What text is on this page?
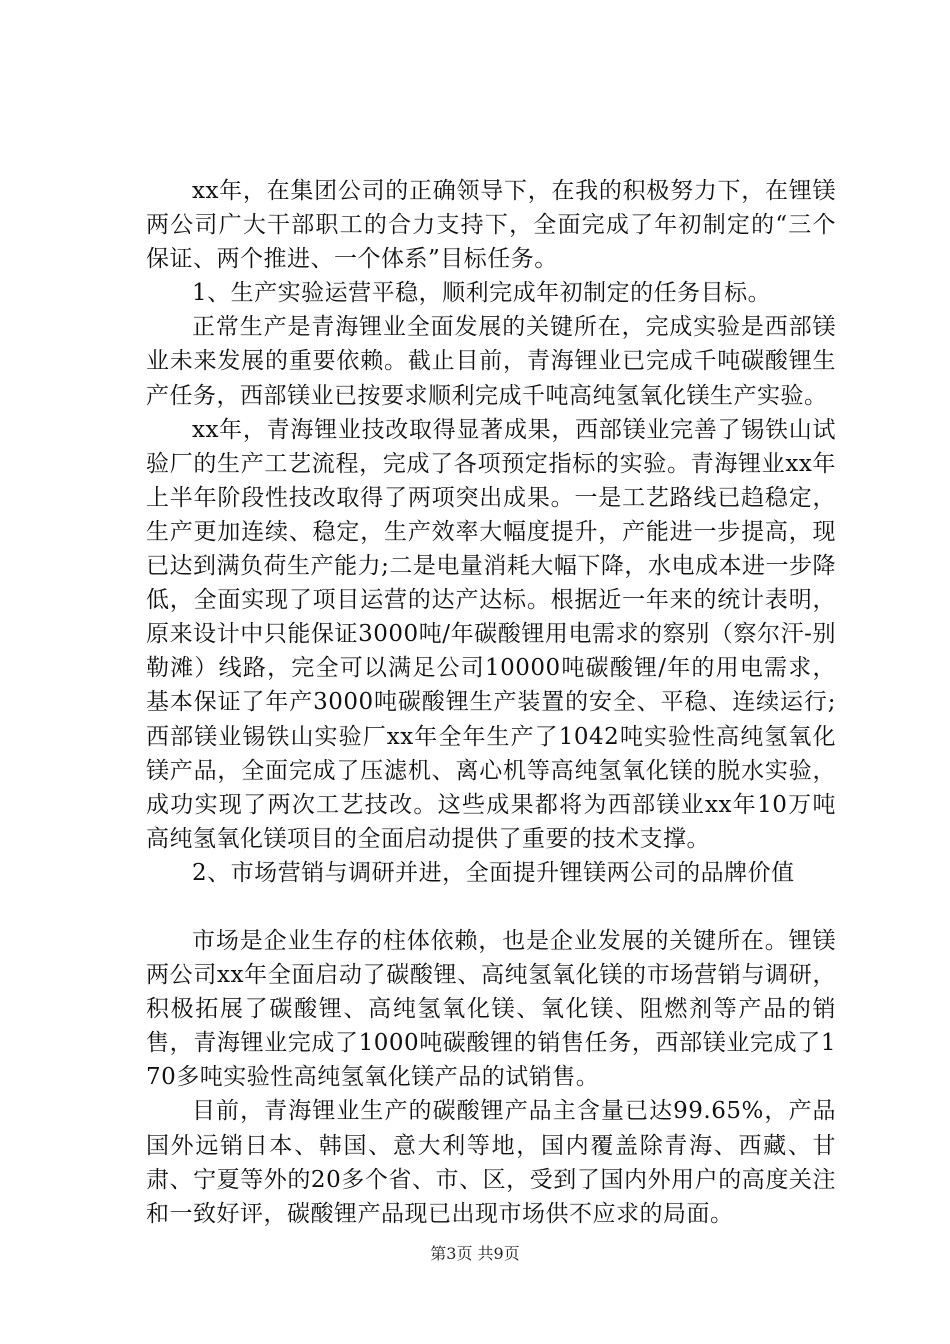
xx年，在集团公司的正确领导下，在我的积极努力下，在锂镁两公司广大干部职工的合力支持下，全面完成了年初制定的“三个保证、两个推进、一个体系”目标任务。

1、生产实验运营平稳，顺利完成年初制定的任务目标。

正常生产是青海锂业全面发展的关键所在，完成实验是西部镁业未来发展的重要依赖。截止目前，青海锂业已完成千吨碳酸锂生产任务，西部镁业已按要求顺利完成千吨高纯氢氧化镁生产实验。

xx年，青海锂业技改取得显著成果，西部镁业完善了锡铁山试验厂的生产工艺流程，完成了各项预定指标的实验。青海锂业xx年上半年阶段性技改取得了两项突出成果。一是工艺路线已趋稳定，生产更加连续、稳定，生产效率大幅度提升，产能进一步提高，现已达到满负荷生产能力;二是电量消耗大幅下降，水电成本进一步降低，全面实现了项目运营的达产达标。根据近一年来的统计表明，原来设计中只能保证3000吨/年碳酸锂用电需求的察别（察尔汗-别勒滩）线路，完全可以满足公司10000吨碳酸锂/年的用电需求，基本保证了年产3000吨碳酸锂生产装置的安全、平稳、连续运行;西部镁业锡铁山实验厂xx年全年生产了1042吨实验性高纯氢氧化镁产品，全面完成了压滤机、离心机等高纯氢氧化镁的脱水实验，成功实现了两次工艺技改。这些成果都将为西部镁业xx年10万吨高纯氢氧化镁项目的全面启动提供了重要的技术支撑。

2、市场营销与调研并进，全面提升锂镁两公司的品牌价值

市场是企业生存的柱体依赖，也是企业发展的关键所在。锂镁两公司xx年全面启动了碳酸锂、高纯氢氧化镁的市场营销与调研，积极拓展了碳酸锂、高纯氢氧化镁、氧化镁、阻燃剂等产品的销售，青海锂业完成了1000吨碳酸锂的销售任务，西部镁业完成了170多吨实验性高纯氢氧化镁产品的试销售。

目前，青海锂业生产的碳酸锂产品主含量已达99.65%，产品国外远销日本、韩国、意大利等地，国内覆盖除青海、西藏、甘肃、宁夏等外的20多个省、市、区，受到了国内外用户的高度关注和一致好评，碳酸锂产品现已出现市场供不应求的局面。

第3页 共9页
